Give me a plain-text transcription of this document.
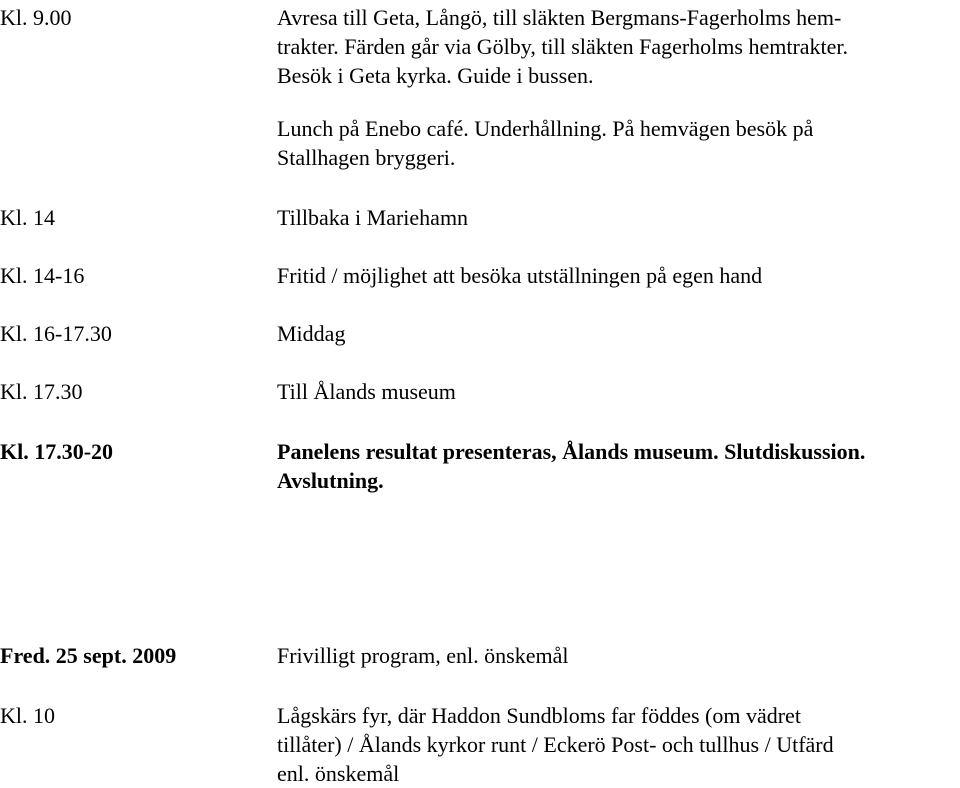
Kl. 9.00	Avresa till Geta, Långö, till släkten Bergmans-Fagerholms hem-
trakter. Färden går via Gölby, till släkten Fagerholms hemtrakter.
Besök i Geta kyrka. Guide i bussen.
Lunch på Enebo café. Underhållning. På hemvägen besök på
Stallhagen bryggeri.
Kl. 14	Tillbaka i Mariehamn
Kl. 14-16	Fritid / möjlighet att besöka utställningen på egen hand
Kl. 16-17.30	Middag
Kl. 17.30	Till Ålands museum
Kl. 17.30-20	Panelens resultat presenteras, Ålands museum. Slutdiskussion.
Avslutning.
Fred. 25 sept. 2009	Frivilligt program, enl. önskemål
Kl. 10	Lågskärs fyr, där Haddon Sundbloms far föddes (om vädret
tillåter) / Ålands kyrkor runt / Eckerö Post- och tullhus / Utfärd
enl. önskemål
